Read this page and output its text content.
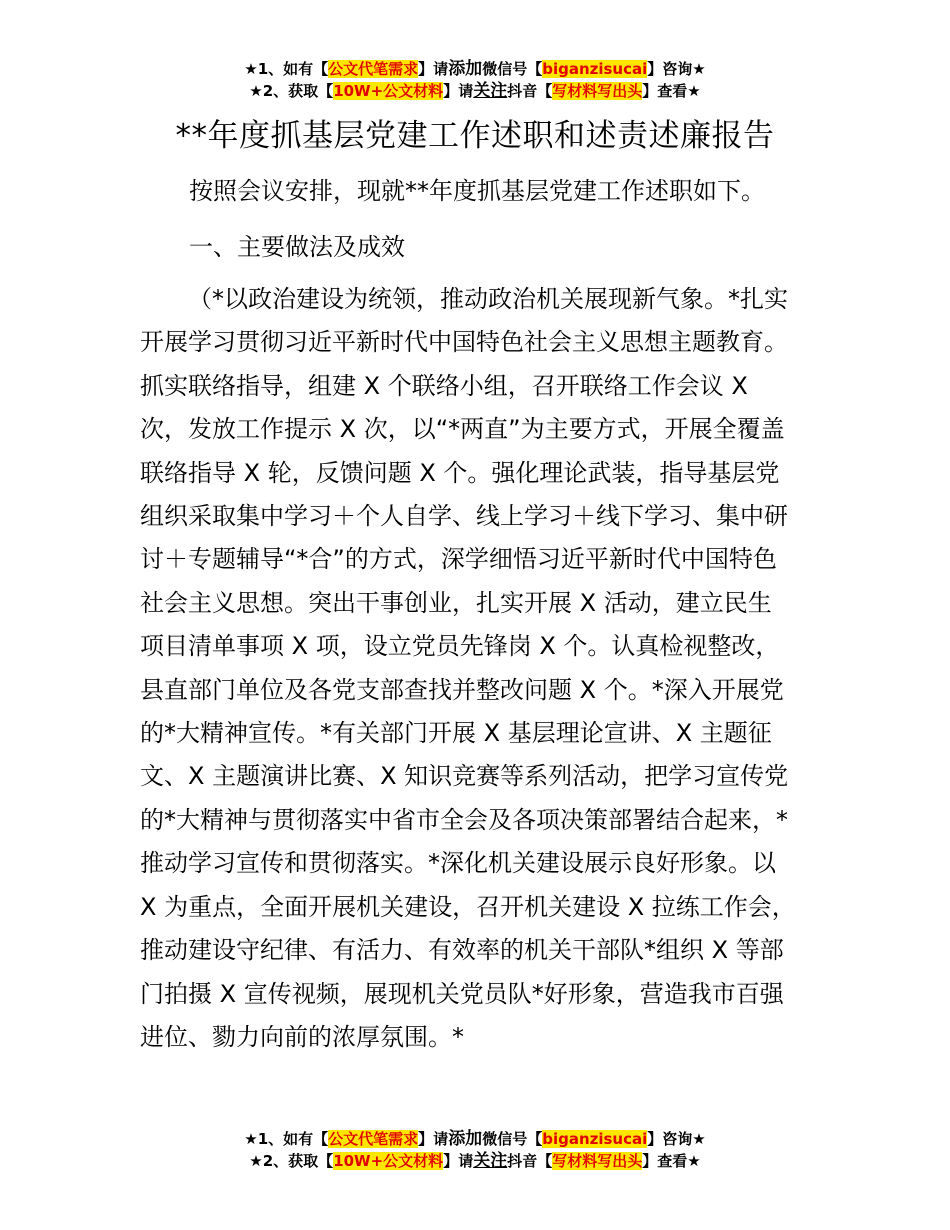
★1、如有【公文代笔需求】请添加微信号【biganzisucai】咨询★
★2、获取【10W+公文材料】请关注抖音【写材料写出头】查看★
**年度抓基层党建工作述职和述责述廉报告
按照会议安排，现就**年度抓基层党建工作述职如下。
一、主要做法及成效
（*以政治建设为统领，推动政治机关展现新气象。*扎实
开展学习贯彻习近平新时代中国特色社会主义思想主题教育。
抓实联络指导，组建 X 个联络小组，召开联络工作会议 X
次，发放工作提示 X 次，以“*两直”为主要方式，开展全覆盖
联络指导 X 轮，反馈问题 X 个。强化理论武装，指导基层党
组织采取集中学习＋个人自学、线上学习＋线下学习、集中研
讨＋专题辅导“*合”的方式，深学细悟习近平新时代中国特色
社会主义思想。突出干事创业，扎实开展 X 活动，建立民生
项目清单事项 X 项，设立党员先锋岗 X 个。认真检视整改，
县直部门单位及各党支部查找并整改问题 X 个。*深入开展党
的*大精神宣传。*有关部门开展 X 基层理论宣讲、X 主题征
文、X 主题演讲比赛、X 知识竞赛等系列活动，把学习宣传党
的*大精神与贯彻落实中省市全会及各项决策部署结合起来，*
推动学习宣传和贯彻落实。*深化机关建设展示良好形象。以
X 为重点，全面开展机关建设，召开机关建设 X 拉练工作会，
推动建设守纪律、有活力、有效率的机关干部队*组织 X 等部
门拍摄 X 宣传视频，展现机关党员队*好形象，营造我市百强
进位、勠力向前的浓厚氛围。*
★1、如有【公文代笔需求】请添加微信号【biganzisucai】咨询★
★2、获取【10W+公文材料】请关注抖音【写材料写出头】查看★
